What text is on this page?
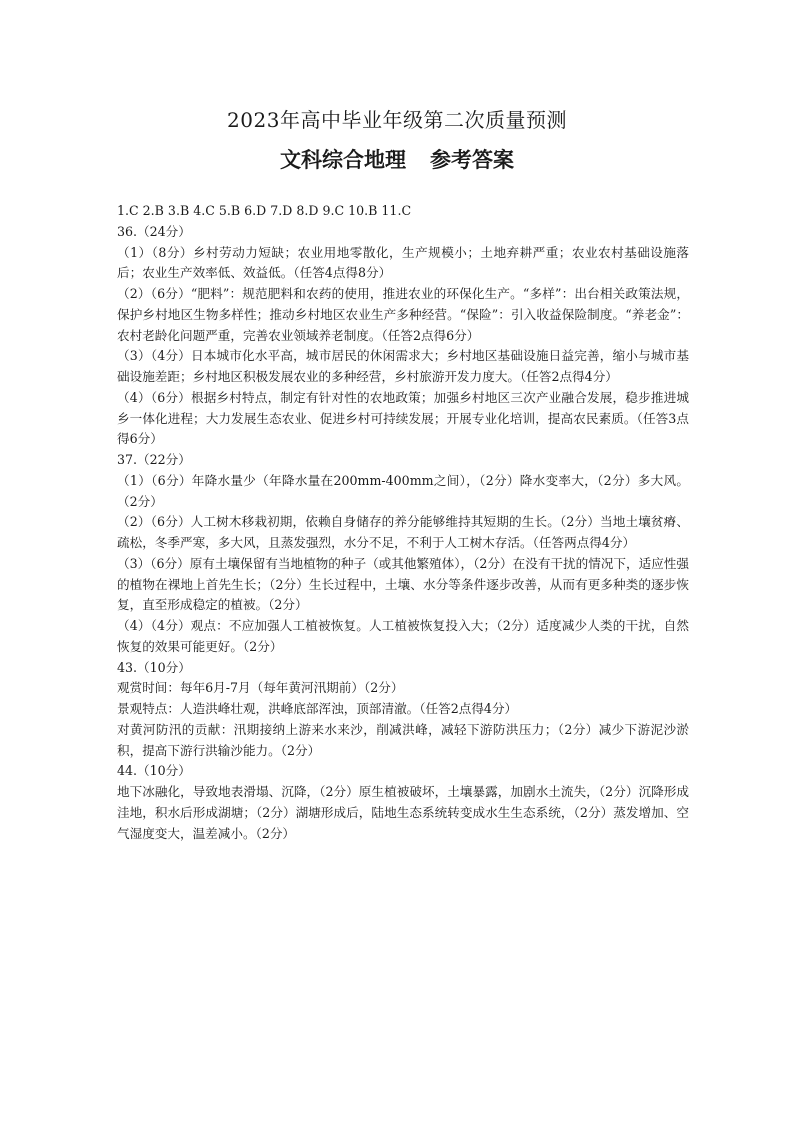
2023年高中毕业年级第二次质量预测
文科综合地理 参考答案

1.C 2.B 3.B 4.C 5.B 6.D 7.D 8.D 9.C 10.B 11.C

36.（24分）

（1）（8分）乡村劳动力短缺；农业用地零散化，生产规模小；土地弃耕严重；农业农村基础设施落后；农业生产效率低、效益低。（任答4点得8分）

（2）（6分）“肥料”：规范肥料和农药的使用，推进农业的环保化生产。“多样”：出台相关政策法规，保护乡村地区生物多样性；推动乡村地区农业生产多种经营。“保险”：引入收益保险制度。“养老金”：农村老龄化问题严重，完善农业领域养老制度。（任答2点得6分）

（3）（4分）日本城市化水平高，城市居民的休闲需求大；乡村地区基础设施日益完善，缩小与城市基础设施差距；乡村地区积极发展农业的多种经营，乡村旅游开发力度大。（任答2点得4分）

（4）（6分）根据乡村特点，制定有针对性的农地政策；加强乡村地区三次产业融合发展，稳步推进城乡一体化进程；大力发展生态农业、促进乡村可持续发展；开展专业化培训，提高农民素质。（任答3点得6分）

37.（22分）

（1）（6分）年降水量少（年降水量在200mm-400mm之间），（2分）降水变率大，（2分）多大风。（2分）

（2）（6分）人工树木移栽初期，依赖自身储存的养分能够维持其短期的生长。（2分）当地土壤贫瘠、疏松，冬季严寒，多大风，且蒸发强烈，水分不足，不利于人工树木存活。（任答两点得4分）

（3）（6分）原有土壤保留有当地植物的种子（或其他繁殖体），（2分）在没有干扰的情况下，适应性强的植物在裸地上首先生长；（2分）生长过程中，土壤、水分等条件逐步改善，从而有更多种类的逐步恢复，直至形成稳定的植被。（2分）

（4）（4分）观点：不应加强人工植被恢复。人工植被恢复投入大；（2分）适度减少人类的干扰，自然恢复的效果可能更好。（2分）

43.（10分）

观赏时间：每年6月-7月（每年黄河汛期前）（2分）

景观特点：人造洪峰壮观，洪峰底部浑浊，顶部清澈。（任答2点得4分）

对黄河防汛的贡献：汛期接纳上游来水来沙，削减洪峰，减轻下游防洪压力；（2分）减少下游泥沙淤积，提高下游行洪输沙能力。（2分）

44.（10分）

地下冰融化，导致地表滑塌、沉降，（2分）原生植被破坏，土壤暴露，加剧水土流失，（2分）沉降形成洼地，积水后形成湖塘；（2分）湖塘形成后，陆地生态系统转变成水生生态系统，（2分）蒸发增加、空气湿度变大，温差减小。（2分）
